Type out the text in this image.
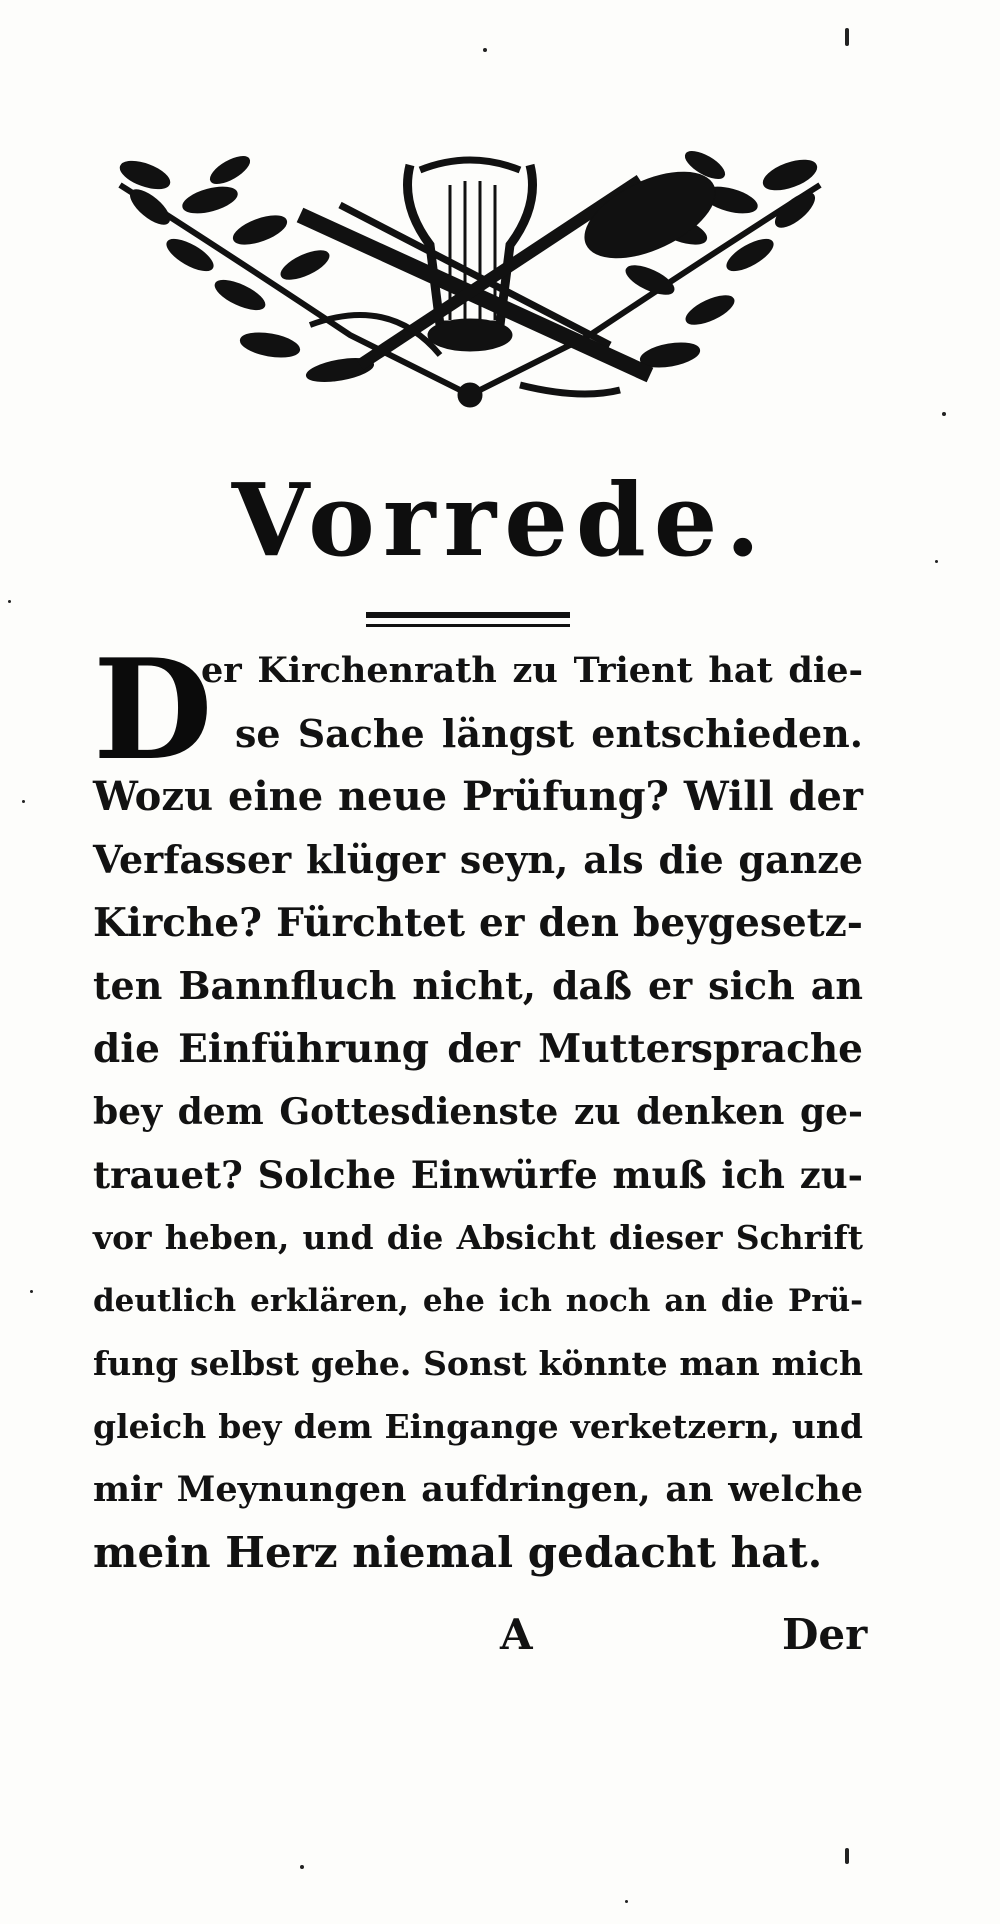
Vorrede.
D
er Kirchenrath zu Trient hat die-
se Sache längst entschieden.
Wozu eine neue Prüfung? Will der
Verfasser klüger seyn, als die ganze
Kirche? Fürchtet er den beygesetz-
ten Bannfluch nicht, daß er sich an
die Einführung der Muttersprache
bey dem Gottesdienste zu denken ge-
trauet? Solche Einwürfe muß ich zu-
vor heben, und die Absicht dieser Schrift
deutlich erklären, ehe ich noch an die Prü-
fung selbst gehe. Sonst könnte man mich
gleich bey dem Eingange verketzern, und
mir Meynungen aufdringen, an welche
mein Herz niemal gedacht hat.
A	Der
